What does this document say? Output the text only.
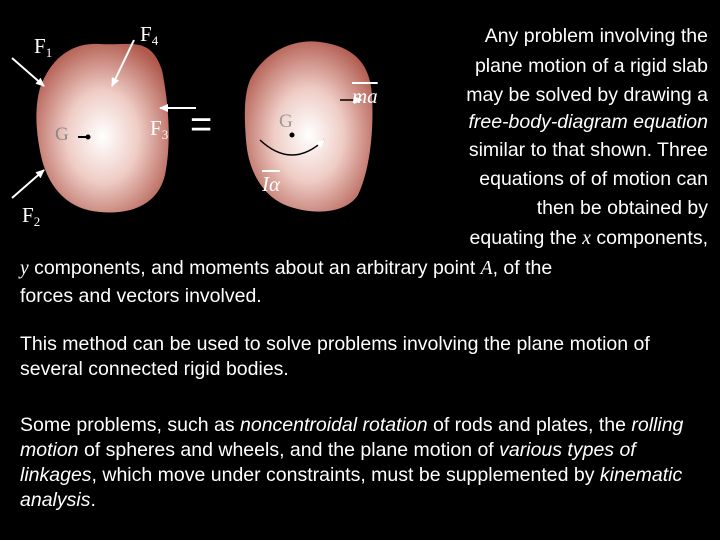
$F_1$
$F_4$
$F_3$
$F_2$
G
G
=
$\overline{ma}$
$\overline{I\alpha}$
Any problem involving the
plane motion of a rigid slab
may be solved by drawing a
free-body-diagram equation
similar to that shown. Three
equations of of motion can
then be obtained by
equating the x components,
y components, and moments about an arbitrary point A, of the
forces and vectors involved.
This method can be used to solve problems involving the plane motion of several connected rigid bodies.
Some problems, such as noncentroidal rotation of rods and plates, the rolling motion of spheres and wheels, and the plane motion of various types of linkages, which move under constraints, must be supplemented by kinematic analysis.
